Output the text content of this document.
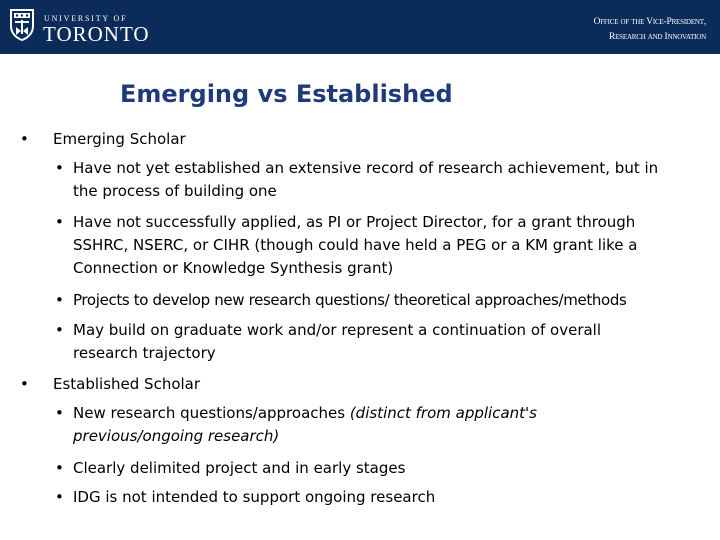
UNIVERSITY OF
TORONTO	Office of the Vice-President,
Research and Innovation
Emerging vs Established
• Emerging Scholar
• Have not yet established an extensive record of research achievement, but in
the process of building one
• Have not successfully applied, as PI or Project Director, for a grant through
SSHRC, NSERC, or CIHR (though could have held a PEG or a KM grant like a
Connection or Knowledge Synthesis grant)
• Projects to develop new research questions/ theoretical approaches/methods
• May build on graduate work and/or represent a continuation of overall
research trajectory
• Established Scholar
• New research questions/approaches (distinct from applicant's
previous/ongoing research)
• Clearly delimited project and in early stages
• IDG is not intended to support ongoing research
